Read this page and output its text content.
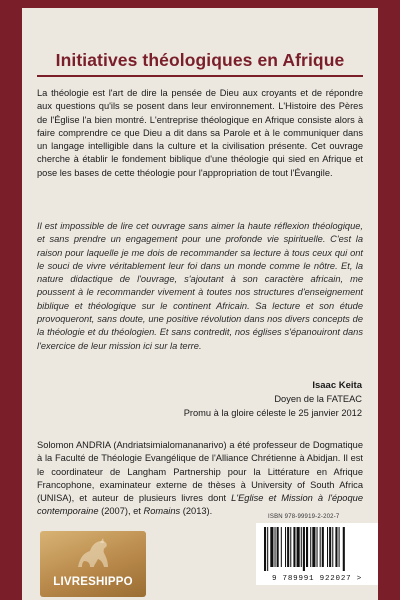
Initiatives théologiques en Afrique

La théologie est l'art de dire la pensée de Dieu aux croyants et de répondre aux questions qu'ils se posent dans leur environnement. L'Histoire des Pères de l'Église l'a bien montré. L'entreprise théologique en Afrique consiste alors à faire comprendre ce que Dieu a dit dans sa Parole et à le communiquer dans un langage intelligible dans la culture et la civilisation présente. Cet ouvrage cherche à établir le fondement biblique d'une théologie qui sied en Afrique et pose les bases de cette théologie pour l'appropriation de tout l'Évangile.

Il est impossible de lire cet ouvrage sans aimer la haute réflexion théologique, et sans prendre un engagement pour une profonde vie spirituelle. C'est la raison pour laquelle je me dois de recommander sa lecture à tous ceux qui ont le souci de vivre véritablement leur foi dans un monde comme le nôtre. Et, la nature didactique de l'ouvrage, s'ajoutant à son caractère africain, me poussent à le recommander vivement à toutes nos structures d'enseignement biblique et théologique sur le continent Africain. Sa lecture et son étude provoqueront, sans doute, une positive révolution dans nos divers concepts de la théologie et du théologien. Et sans contredit, nos églises s'épanouiront dans l'exercice de leur mission ici sur la terre.

Isaac Keita
Doyen de la FATEAC
Promu à la gloire céleste le 25 janvier 2012

Solomon ANDRIA (Andriatsimialomananarivo) a été professeur de Dogmatique à la Faculté de Théologie Evangélique de l'Alliance Chrétienne à Abidjan. Il est le coordinateur de Langham Partnership pour la Littérature en Afrique Francophone, examinateur externe de thèses à University of South Africa (UNISA), et auteur de plusieurs livres dont L'Eglise et Mission à l'époque contemporaine (2007), et Romains (2013).

LIVRESHIPPO
ISBN 978-99919-2-202-7
9 789991 922027 >
